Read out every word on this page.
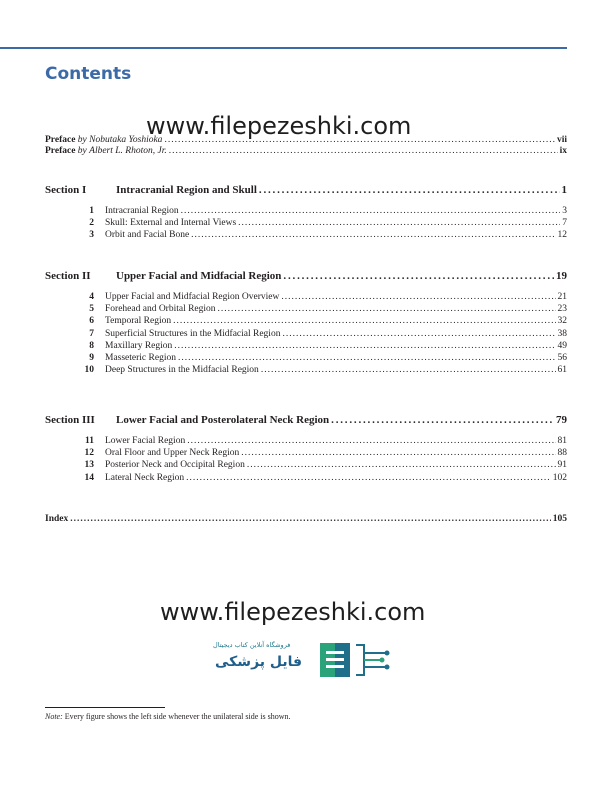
Contents
www.filepezeshki.com
Preface by Nobutaka Yoshioka .....	vii
Preface by Albert L. Rhoton, Jr. .....	ix
Section I	Intracranial Region and Skull .....	1
1	Intracranial Region .....	3
2	Skull: External and Internal Views .....	7
3	Orbit and Facial Bone .....	12
Section II	Upper Facial and Midfacial Region .....	19
4	Upper Facial and Midfacial Region Overview .....	21
5	Forehead and Orbital Region .....	23
6	Temporal Region .....	32
7	Superficial Structures in the Midfacial Region .....	38
8	Maxillary Region .....	49
9	Masseteric Region .....	56
10	Deep Structures in the Midfacial Region .....	61
Section III	Lower Facial and Posterolateral Neck Region .....	79
11	Lower Facial Region .....	81
12	Oral Floor and Upper Neck Region .....	88
13	Posterior Neck and Occipital Region .....	91
14	Lateral Neck Region .....	102
Index .....	105
www.filepezeshki.com
فروشگاه آنلاین کتاب دیجیتال
فایل پزشکی
Note: Every figure shows the left side whenever the unilateral side is shown.
